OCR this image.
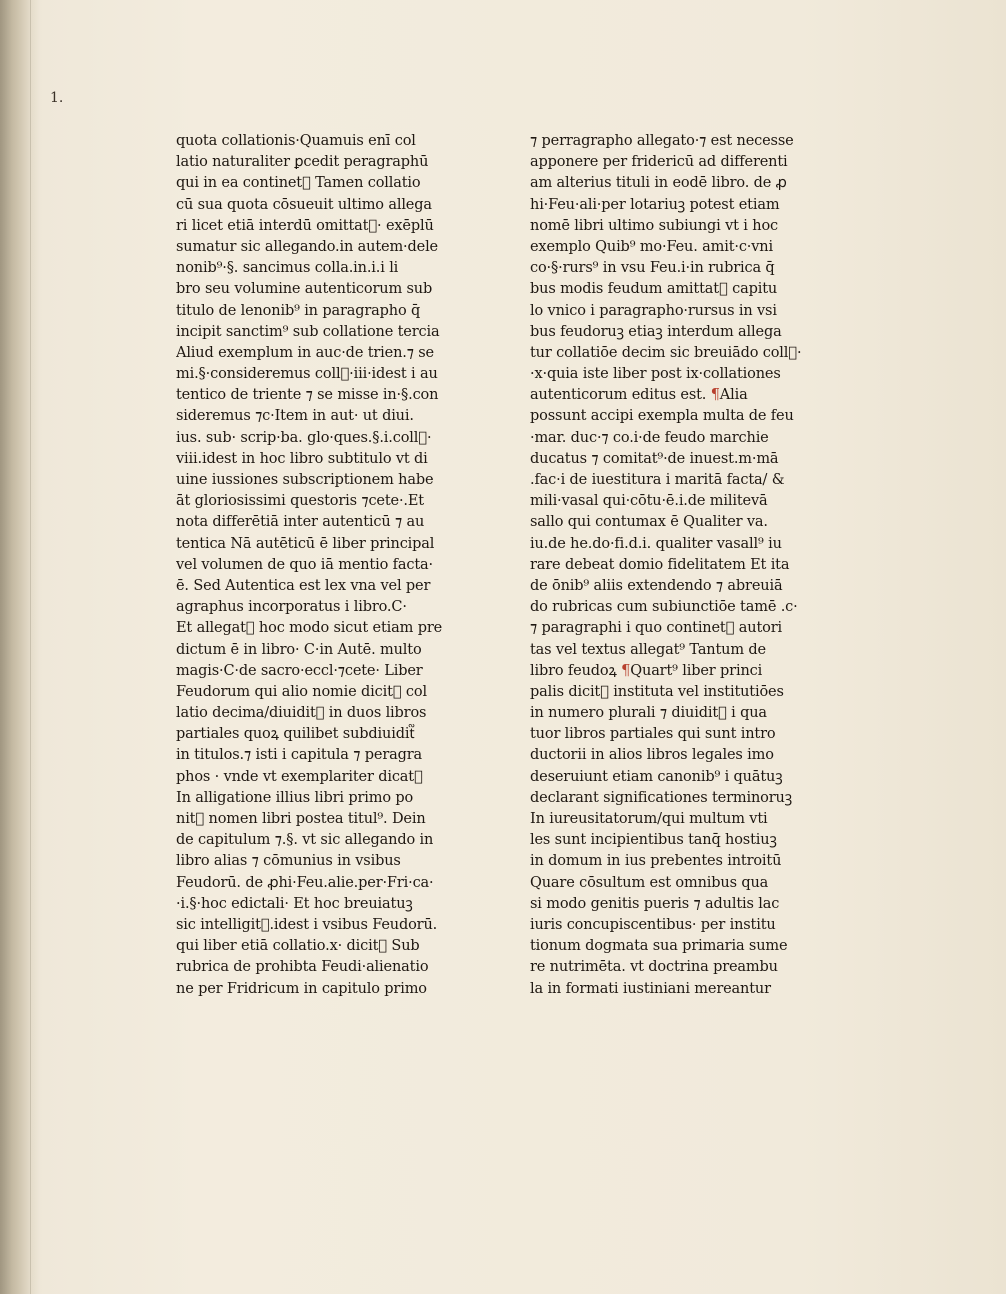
1.
quota collationis·Quamuis enī col
latio naturaliter ꝑcedit peragraphū
qui in ea continet᷑ Tamen collatio
cū sua quota cōsueuit ultimo allega
ri licet etiā interdū omittat᷑· exēplū
sumatur sic allegando.in autem·dele
nonib⁹·§. sancimus colla.in.i.i li
bro seu volumine autenticorum sub
titulo de lenonib⁹ in paragrapho q̄
incipit sanctim⁹ sub collatione tercia
Aliud exemplum in auc·de trien.⁊ se
mi.§·consideremus coll᷑·iii·idest i au
tentico de triente ⁊ se misse in·§.con
sideremus ⁊c·Item in aut· ut diui.
ius. sub· scrip·ba. glo·ques.§.i.coll᷑·
viii.idest in hoc libro subtitulo vt di
uine iussiones subscriptionem habe
āt gloriosissimi questoris ⁊cete·.Et
nota differētiā inter autenticū ⁊ au
tentica Nā autēticū ē liber principal
vel volumen de quo iā mentio facta·
ē. Sed Autentica est lex vna vel per
agraphus incorporatus i libro.C·
Et allegat᷑ hoc modo sicut etiam pre
dictum ē in libro· C·in Autē. multo
magis·C·de sacro·eccl·⁊cete· Liber
Feudorum qui alio nomie dicit᷑ col
latio decima/diuidit᷑ in duos libros
partiales quoꝝ quilibet subdiuidit᷑
in titulos.⁊ isti i capitula ⁊ peragra
phos · vnde vt exemplariter dicat᷑
In alligatione illius libri primo po
nit᷑ nomen libri postea titul⁹. Dein
de capitulum ⁊.§. vt sic allegando in
libro alias ⁊ cōmunius in vsibus
Feudorū. de ꝓhi·Feu.alie.per·Fri·ca·
·i.§·hoc edictali· Et hoc breuiatuꝫ
sic intelligit᷑.idest i vsibus Feudorū.
qui liber etiā collatio.x· dicit᷑ Sub
rubrica de prohibta Feudi·alienatio
ne per Fridricum in capitulo primo
⁊ perragrapho allegato·⁊ est necesse
apponere per fridericū ad differenti
am alterius tituli in eodē libro. de ꝓ
hi·Feu·ali·per lotariuꝫ potest etiam
nomē libri ultimo subiungi vt i hoc
exemplo Quib⁹ mo·Feu. amit·c·vni
co·§·rurs⁹ in vsu Feu.i·in rubrica q̄
bus modis feudum amittat᷑ capitu
lo vnico i paragrapho·rursus in vsi
bus feudoruꝫ etiaꝫ interdum allega
tur collatiōe decim sic breuiādo coll᷑·
·x·quia iste liber post ix·collationes
autenticorum editus est. ¶Alia
possunt accipi exempla multa de feu
·mar. duc·⁊ co.i·de feudo marchie
ducatus ⁊ comitat⁹·de inuest.m·mā
.fac·i de iuestitura i maritā facta/ &
mili·vasal qui·cōtu·ē.i.de militevā
sallo qui contumax ē Qualiter va.
iu.de he.do·fi.d.i. qualiter vasall⁹ iu
rare debeat domio fidelitatem Et ita
de ōnib⁹ aliis extendendo ⁊ abreuiā
do rubricas cum subiunctiōe tamē .c·
⁊ paragraphi i quo continet᷑ autori
tas vel textus allegat⁹ Tantum de
libro feudoꝝ ¶Quart⁹ liber princi
palis dicit᷑ instituta vel institutiōes
in numero plurali ⁊ diuidit᷑ i qua
tuor libros partiales qui sunt intro
ductorii in alios libros legales imo
deseruiunt etiam canonib⁹ i quātuꝫ
declarant significationes terminoruꝫ
In iureusitatorum/qui multum vti
les sunt incipientibus tanq̄ hostiuꝫ
in domum in ius prebentes introitū
Quare cōsultum est omnibus qua
si modo genitis pueris ⁊ adultis lac
iuris concupiscentibus· per institu
tionum dogmata sua primaria sume
re nutrimēta. vt doctrina preambu
la in formati iustiniani mereantur
